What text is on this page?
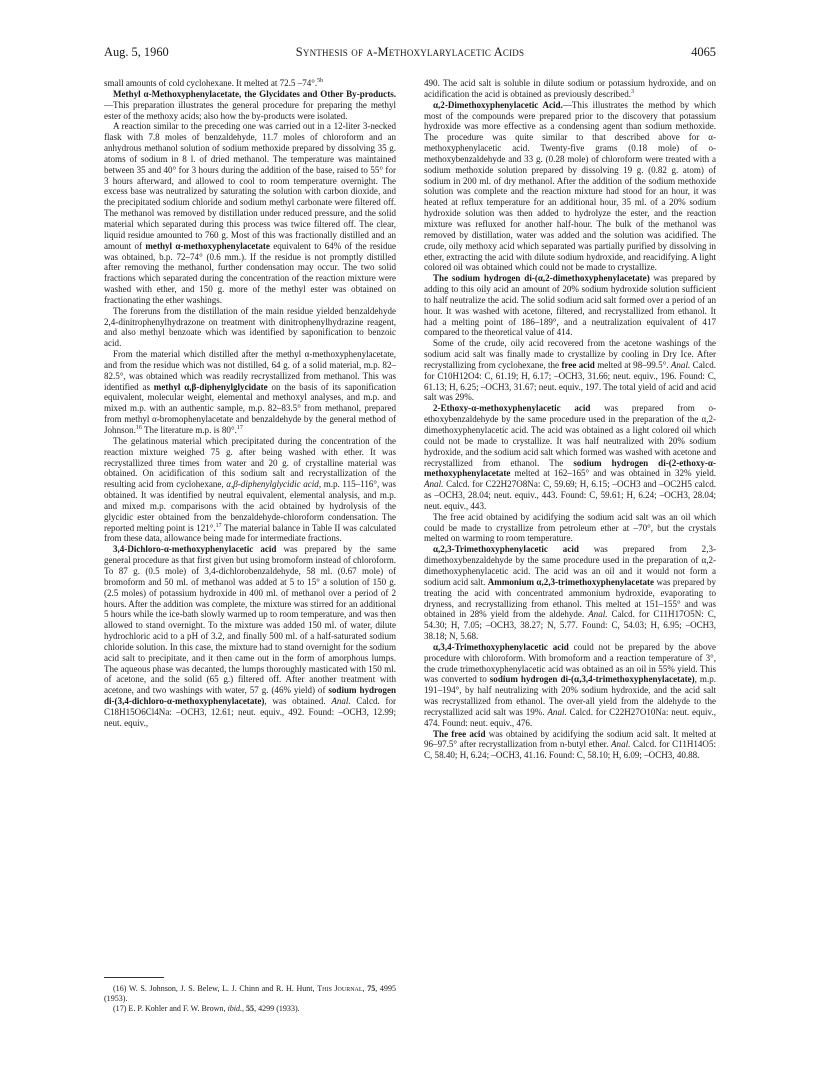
Aug. 5, 1960	Synthesis of α-Methoxylarylacetic Acids	4065

small amounts of cold cyclohexane. It melted at 72.5 –74°.$^{5b}$

Methyl α-Methoxyphenylacetate, the Glycidates and Other By-products.—This preparation illustrates the general procedure for preparing the methyl ester of the methoxy acids; also how the by-products were isolated.

A reaction similar to the preceding one was carried out in a 12-liter 3-necked flask with 7.8 moles of benzaldehyde, 11.7 moles of chloroform and an anhydrous methanol solution of sodium methoxide prepared by dissolving 35 g. atoms of sodium in 8 l. of dried methanol. The temperature was maintained between 35 and 40° for 3 hours during the addition of the base, raised to 55° for 3 hours afterward, and allowed to cool to room temperature overnight. The excess base was neutralized by saturating the solution with carbon dioxide, and the precipitated sodium chloride and sodium methyl carbonate were filtered off. The methanol was removed by distillation under reduced pressure, and the solid material which separated during this process was twice filtered off. The clear, liquid residue amounted to 760 g. Most of this was fractionally distilled and an amount of methyl α-methoxyphenylacetate equivalent to 64% of the residue was obtained, b.p. 72–74° (0.6 mm.). If the residue is not promptly distilled after removing the methanol, further condensation may occur. The two solid fractions which separated during the concentration of the reaction mixture were washed with ether, and 150 g. more of the methyl ester was obtained on fractionating the ether washings.

The foreruns from the distillation of the main residue yielded benzaldehyde 2,4-dinitrophenylhydrazone on treatment with dinitrophenylhydrazine reagent, and also methyl benzoate which was identified by saponification to benzoic acid.

From the material which distilled after the methyl α-methoxyphenylacetate, and from the residue which was not distilled, 64 g. of a solid material, m.p. 82–82.5°, was obtained which was readily recrystallized from methanol. This was identified as methyl α,β-diphenylglycidate on the basis of its saponification equivalent, molecular weight, elemental and methoxyl analyses, and m.p. and mixed m.p. with an authentic sample, m.p. 82–83.5° from methanol, prepared from methyl α-bromophenylacetate and benzaldehyde by the general method of Johnson.$^{16}$ The literature m.p. is 80°.$^{17}$

The gelatinous material which precipitated during the concentration of the reaction mixture weighed 75 g. after being washed with ether. It was recrystallized three times from water and 20 g. of crystalline material was obtained. On acidification of this sodium salt and recrystallization of the resulting acid from cyclohexane, α,β-diphenylglycidic acid, m.p. 115–116°, was obtained. It was identified by neutral equivalent, elemental analysis, and m.p. and mixed m.p. comparisons with the acid obtained by hydrolysis of the glycidic ester obtained from the benzaldehyde-chloroform condensation. The reported melting point is 121°.$^{17}$ The material balance in Table II was calculated from these data, allowance being made for intermediate fractions.

3,4-Dichloro-α-methoxyphenylacetic acid was prepared by the same general procedure as that first given but using bromoform instead of chloroform. To 87 g. (0.5 mole) of 3,4-dichlorobenzaldehyde, 58 ml. (0.67 mole) of bromoform and 50 ml. of methanol was added at 5 to 15° a solution of 150 g. (2.5 moles) of potassium hydroxide in 400 ml. of methanol over a period of 2 hours. After the addition was complete, the mixture was stirred for an additional 5 hours while the ice-bath slowly warmed up to room temperature, and was then allowed to stand overnight. To the mixture was added 150 ml. of water, dilute hydrochloric acid to a pH of 3.2, and finally 500 ml. of a half-saturated sodium chloride solution. In this case, the mixture had to stand overnight for the sodium acid salt to precipitate, and it then came out in the form of amorphous lumps. The aqueous phase was decanted, the lumps thoroughly masticated with 150 ml. of acetone, and the solid (65 g.) filtered off. After another treatment with acetone, and two washings with water, 57 g. (46% yield) of sodium hydrogen di-(3,4-dichloro-α-methoxyphenylacetate), was obtained. Anal. Calcd. for C18H15O6Cl4Na: –OCH3, 12.61; neut. equiv., 492. Found: –OCH3, 12.99; neut. equiv.,

490. The acid salt is soluble in dilute sodium or potassium hydroxide, and on acidification the acid is obtained as previously described.$^3$

α,2-Dimethoxyphenylacetic Acid.—This illustrates the method by which most of the compounds were prepared prior to the discovery that potassium hydroxide was more effective as a condensing agent than sodium methoxide. The procedure was quite similar to that described above for α-methoxyphenylacetic acid. Twenty-five grams (0.18 mole) of o-methoxybenzaldehyde and 33 g. (0.28 mole) of chloroform were treated with a sodium methoxide solution prepared by dissolving 19 g. (0.82 g. atom) of sodium in 200 ml. of dry methanol. After the addition of the sodium methoxide solution was complete and the reaction mixture had stood for an hour, it was heated at reflux temperature for an additional hour, 35 ml. of a 20% sodium hydroxide solution was then added to hydrolyze the ester, and the reaction mixture was refluxed for another half-hour. The bulk of the methanol was removed by distillation, water was added and the solution was acidified. The crude, oily methoxy acid which separated was partially purified by dissolving in ether, extracting the acid with dilute sodium hydroxide, and reacidifying. A light colored oil was obtained which could not be made to crystallize.

The sodium hydrogen di-(α,2-dimethoxyphenylacetate) was prepared by adding to this oily acid an amount of 20% sodium hydroxide solution sufficient to half neutralize the acid. The solid sodium acid salt formed over a period of an hour. It was washed with acetone, filtered, and recrystallized from ethanol. It had a melting point of 186–189°, and a neutralization equivalent of 417 compared to the theoretical value of 414.

Some of the crude, oily acid recovered from the acetone washings of the sodium acid salt was finally made to crystallize by cooling in Dry Ice. After recrystallizing from cyclohexane, the free acid melted at 98–99.5°. Anal. Calcd. for C10H12O4: C, 61.19; H, 6.17; –OCH3, 31.66; neut. equiv., 196. Found: C, 61.13; H, 6.25; –OCH3, 31.67; neut. equiv., 197. The total yield of acid and acid salt was 29%.

2-Ethoxy-α-methoxyphenylacetic acid was prepared from o-ethoxybenzaldehyde by the same procedure used in the preparation of the α,2-dimethoxyphenylacetic acid. The acid was obtained as a light colored oil which could not be made to crystallize. It was half neutralized with 20% sodium hydroxide, and the sodium acid salt which formed was washed with acetone and recrystallized from ethanol. The sodium hydrogen di-(2-ethoxy-α-methoxyphenylacetate melted at 162–165° and was obtained in 32% yield. Anal. Calcd. for C22H27O8Na: C, 59.69; H, 6.15; –OCH3 and –OC2H5 calcd. as –OCH3, 28.04; neut. equiv., 443. Found: C, 59.61; H, 6.24; –OCH3, 28.04; neut. equiv., 443.

The free acid obtained by acidifying the sodium acid salt was an oil which could be made to crystallize from petroleum ether at –70°, but the crystals melted on warming to room temperature.

α,2,3-Trimethoxyphenylacetic acid was prepared from 2,3-dimethoxybenzaldehyde by the same procedure used in the preparation of α,2-dimethoxyphenylacetic acid. The acid was an oil and it would not form a sodium acid salt. Ammonium α,2,3-trimethoxyphenylacetate was prepared by treating the acid with concentrated ammonium hydroxide, evaporating to dryness, and recrystallizing from ethanol. This melted at 151–155° and was obtained in 28% yield from the aldehyde. Anal. Calcd. for C11H17O5N: C, 54.30; H, 7.05; –OCH3, 38.27; N, 5.77. Found: C, 54.03; H, 6.95; –OCH3, 38.18; N, 5.68.

α,3,4-Trimethoxyphenylacetic acid could not be prepared by the above procedure with chloroform. With bromoform and a reaction temperature of 3°, the crude trimethoxyphenylacetic acid was obtained as an oil in 55% yield. This was converted to sodium hydrogen di-(α,3,4-trimethoxyphenylacetate), m.p. 191–194°, by half neutralizing with 20% sodium hydroxide, and the acid salt was recrystallized from ethanol. The over-all yield from the aldehyde to the recrystallized acid salt was 19%. Anal. Calcd. for C22H27O10Na: neut. equiv., 474. Found: neut. equiv., 476.

The free acid was obtained by acidifying the sodium acid salt. It melted at 96–97.5° after recrystallization from n-butyl ether. Anal. Calcd. for C11H14O5: C, 58.40; H, 6.24; –OCH3, 41.16. Found: C, 58.10; H, 6.09; –OCH3, 40.88.

(16) W. S. Johnson, J. S. Belew, L. J. Chinn and R. H. Hunt, This Journal, 75, 4995 (1953).

(17) E. P. Kohler and F. W. Brown, ibid., 55, 4299 (1933).
